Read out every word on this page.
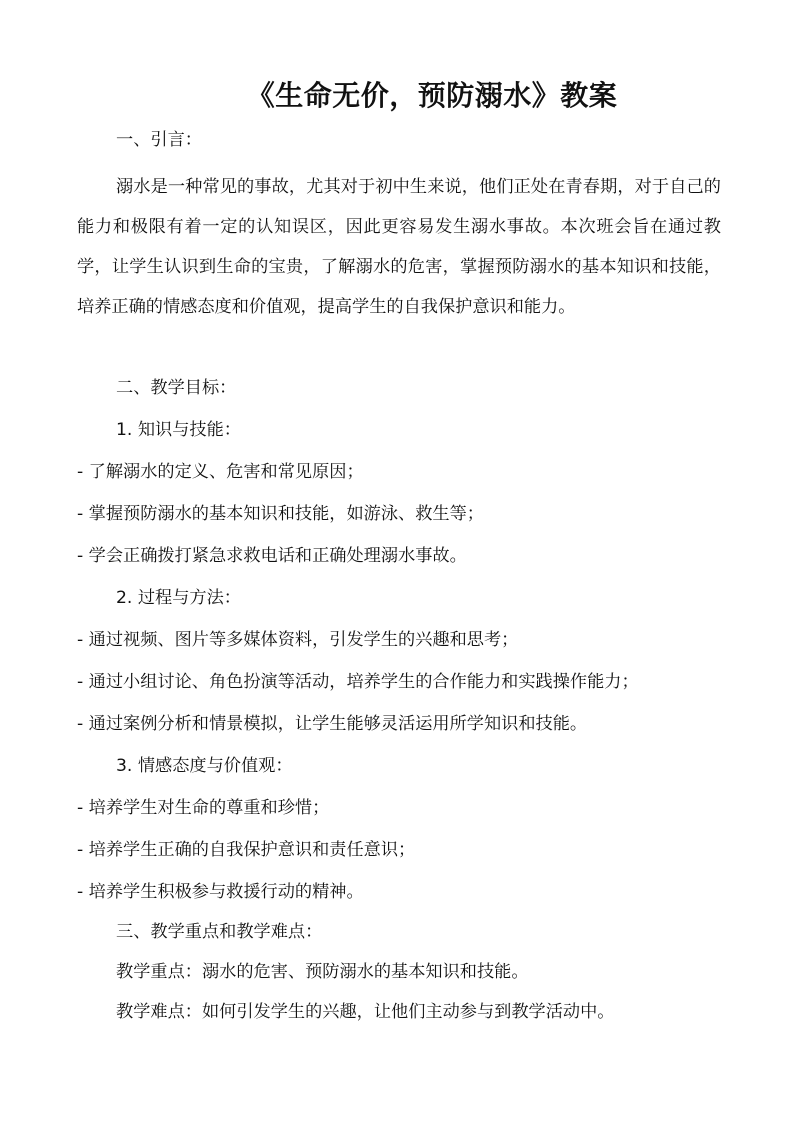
《生命无价，预防溺水》教案
一、引言：
溺水是一种常见的事故，尤其对于初中生来说，他们正处在青春期，对于自己的能力和极限有着一定的认知误区，因此更容易发生溺水事故。本次班会旨在通过教学，让学生认识到生命的宝贵，了解溺水的危害，掌握预防溺水的基本知识和技能，培养正确的情感态度和价值观，提高学生的自我保护意识和能力。
二、教学目标：
1. 知识与技能：
- 了解溺水的定义、危害和常见原因；
- 掌握预防溺水的基本知识和技能，如游泳、救生等；
- 学会正确拨打紧急求救电话和正确处理溺水事故。
2. 过程与方法：
- 通过视频、图片等多媒体资料，引发学生的兴趣和思考；
- 通过小组讨论、角色扮演等活动，培养学生的合作能力和实践操作能力；
- 通过案例分析和情景模拟，让学生能够灵活运用所学知识和技能。
3. 情感态度与价值观：
- 培养学生对生命的尊重和珍惜；
- 培养学生正确的自我保护意识和责任意识；
- 培养学生积极参与救援行动的精神。
三、教学重点和教学难点：
教学重点：溺水的危害、预防溺水的基本知识和技能。
教学难点：如何引发学生的兴趣，让他们主动参与到教学活动中。
